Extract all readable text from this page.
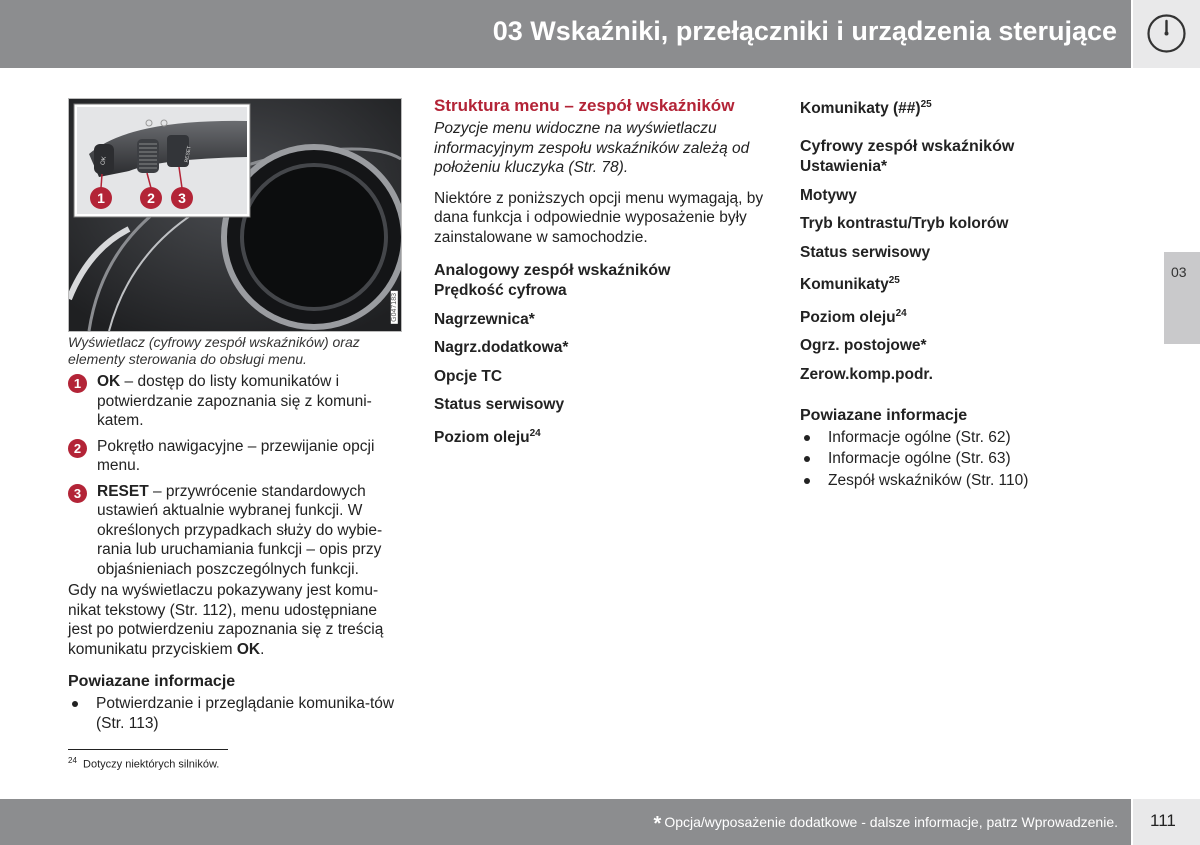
03 Wskaźniki, przełączniki i urządzenia sterujące
03
OK	RESET
1	2 3
G047183
Wyświetlacz (cyfrowy zespół wskaźników) oraz elementy sterowania do obsługi menu.
1	OK – dostęp do listy komunikatów i potwierdzanie zapoznania się z komuni-katem.
2	Pokrętło nawigacyjne – przewijanie opcji menu.
3	RESET – przywrócenie standardowych ustawień aktualnie wybranej funkcji. W określonych przypadkach służy do wybie-rania lub uruchamiania funkcji – opis przy objaśnieniach poszczególnych funkcji.
Gdy na wyświetlaczu pokazywany jest komu-nikat tekstowy (Str. 112), menu udostępniane jest po potwierdzeniu zapoznania się z treścią komunikatu przyciskiem OK.
Powiazane informacje
Potwierdzanie i przeglądanie komunika-tów (Str. 113)
$^{24}$ Dotyczy niektórych silników.
Struktura menu – zespół wskaźników
Pozycje menu widoczne na wyświetlaczu informacyjnym zespołu wskaźników zależą od położeniu kluczyka (Str. 78).
Niektóre z poniższych opcji menu wymagają, by dana funkcja i odpowiednie wyposażenie były zainstalowane w samochodzie.
Analogowy zespół wskaźników
Prędkość cyfrowa
Nagrzewnica*
Nagrz.dodatkowa*
Opcje TC
Status serwisowy
Poziom oleju$^{24}$
Komunikaty (##)$^{25}$
Cyfrowy zespół wskaźników
Ustawienia*
Motywy
Tryb kontrastu/Tryb kolorów
Status serwisowy
Komunikaty$^{25}$
Poziom oleju$^{24}$
Ogrz. postojowe*
Zerow.komp.podr.
Powiazane informacje
Informacje ogólne (Str. 62)
Informacje ogólne (Str. 63)
Zespół wskaźników (Str. 110)
* Opcja/wyposażenie dodatkowe - dalsze informacje, patrz Wprowadzenie. 111
